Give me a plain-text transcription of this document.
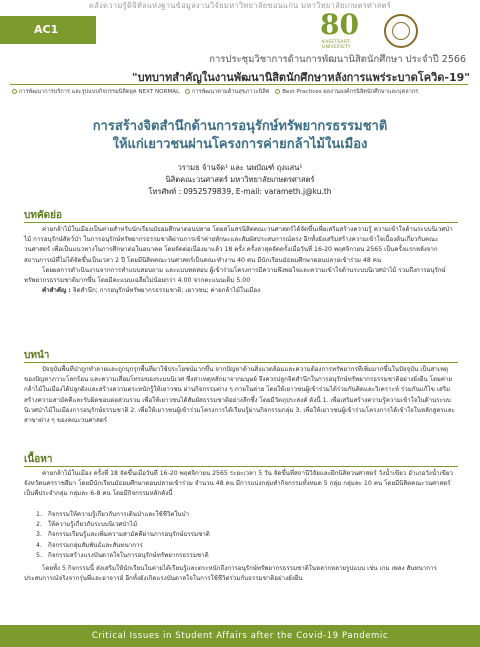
คลังความรู้ดิจิทัลแห่งฐานข้อมูลงานวิจัยมหาวิทยาลัยขอนแก่น มหาวิทยาลัยเกษตรศาสตร์
AC1	80
KASETSART UNIVERSITY
การประชุมวิชาการด้านการพัฒนานิสิตนักศึกษา ประจำปี 2566
"บทบาทสำคัญในงานพัฒนานิสิตนักศึกษาหลังการแพร่ระบาดโควิด-19"
การพัฒนาการบริการ และรูปแบบกิจกรรมนิสิตยุค NEXT NORMAL การพัฒนาตามด้านสุขภาวะนิสิต Best Practices ผลงานองค์กรนิสิตนักศึกษาและบุคลากร
การสร้างจิตสำนึกด้านการอนุรักษ์ทรัพยากรธรรมชาติ
ให้แก่เยาวชนผ่านโครงการค่ายกล้าไม้ในเมือง
วรามธ จ้านจัด¹ และ นพบัณฑ์ ถุงแสน¹
นิสิตคณะวนศาสตร์ มหาวิทยาลัยเกษตรศาสตร์
โทรศัพท์ : 0952579839, E-mail: varameth.j@ku.th
บทคัดย่อ

ค่ายกล้าไม้ในเมืองเป็นค่ายสำหรับนักเรียนมัธยมศึกษาตอนปลาย โดยสโมสรนิสิตคณะวนศาสตร์ได้จัดขึ้นเพื่อเสริมสร้างความรู้ ความเข้าใจด้านระบบนิเวศป่าไม้ การอนุรักษ์สัตว์ป่า ในการอนุรักษ์ทรัพยากรธรรมชาติผ่านการเข้าค่ายทักษะและสัมผัสประสบการณ์ตรง อีกทั้งยังเสริมสร้างความเข้าใจเบื้องต้นเกี่ยวกับคณะวนศาสตร์ เพื่อเป็นแนวทางในการศึกษาต่อในอนาคต โดยจัดต่อเนื่องมาแล้ว 18 ครั้ง ครั้งล่าสุดจัดครั้งเมื่อวันที่ 16-20 พฤศจิกายน 2565 เป็นครั้งแรกหลังจากสถานการณ์ที่ไม่ได้จัดขึ้นเป็นเวลา 2 ปี โดยมีนิสิตคณะวนศาสตร์เป็นคณะทำงาน 40 คน มีนักเรียนมัธยมศึกษาตอนปลายเข้าร่วม 48 คน

โดยผลการดำเนินงานจากการทำแบบสอบถาม และแบบทดสอบ ผู้เข้าร่วมโครงการมีความพึงพอใจและความเข้าใจด้านระบบนิเวศป่าไม้ รวมถึงการอนุรักษ์ทรัพยากรธรรมชาติมากขึ้น โดยมีคะแนนเฉลี่ยไม่น้อยกว่า 4.00 จากคะแนนเต็ม 5.00

คำสำคัญ : จิตสำนึก; การอนุรักษ์ทรัพยากรธรรมชาติ; เยาวชน; ค่ายกล้าไม้ในเมือง

บทนำ

ปัจจุบันพื้นที่ป่าถูกทำลายและถูกบุกรุกพื้นที่มาใช้ประโยชน์มากขึ้น จากปัญหาด้านสิ่งแวดล้อมและความต้องการทรัพยากรที่เพิ่มมากขึ้นในปัจจุบัน เป็นสาเหตุของปัญหาภาวะโลกร้อน และความเสื่อมโทรมของระบบนิเวศ ซึ่งสาเหตุหลักมาจากมนุษย์ จึงควรปลูกจิตสำนึกในการอนุรักษ์ทรัพยากรธรรมชาติอย่างยั่งยืน โดยค่ายกล้าไม้ในเมืองได้ปลูกฝังและสร้างความตระหนักรู้ให้เยาวชน ผ่านกิจกรรมต่าง ๆ ภายในค่าย โดยให้เยาวชนผู้เข้าร่วมได้ร่วมกันคิดและวิเคราะห์ ร่วมกันแก้ไข เสริมสร้างความสามัคคีและรับผิดชอบต่อส่วนรวม เพื่อให้เยาวชนได้สัมผัสธรรมชาติอย่างลึกซึ้ง โดยมีวัตถุประสงค์ ดังนี้ 1. เพื่อเสริมสร้างความรู้ความเข้าใจในด้านระบบนิเวศป่าไม้ในเมืองการอนุรักษ์ธรรมชาติ 2. เพื่อให้เยาวชนผู้เข้าร่วมโครงการได้เรียนรู้ผ่านกิจกรรมกลุ่ม 3. เพื่อให้เยาวชนผู้เข้าร่วมโครงการได้เข้าใจในหลักสูตรและสาขาต่าง ๆ ของคณะวนศาสตร์

เนื้อหา

ค่ายกล้าไม้ในเมือง ครั้งที่ 18 จัดขึ้นเมื่อวันที่ 16-20 พฤศจิกายน 2565 ระยะเวลา 5 วัน จัดขึ้นที่สถานีวิจัยและฝึกนิสิตวนศาสตร์ วังน้ำเขียว อำเภอวังน้ำเขียว จังหวัดนครราชสีมา โดยมีนักเรียนมัธยมศึกษาตอนปลายเข้าร่วม จำนวน 48 คน มีการแบ่งกลุ่มทำกิจกรรมทั้งหมด 5 กลุ่ม กลุ่มละ 10 คน โดยมีนิสิตคณะวนศาสตร์เป็นพี่ประจำกลุ่ม กลุ่มละ 6-8 คน โดยมีกิจกรรมหลักดังนี้

1. กิจกรรมให้ความรู้เกี่ยวกับการเดินป่าและใช้ชีวิตในป่า
2. ให้ความรู้เกี่ยวกับระบบนิเวศป่าไม้
3. กิจกรรมเรียนรู้และเพิ่มความสามัคคีผ่านการอนุรักษ์ธรรมชาติ
4. กิจกรรมกลุ่มสัมพันธ์และสันทนาการ
5. กิจกรรมสร้างแรงบันดาลใจในการอนุรักษ์ทรัพยากรธรรมชาติ

โดยทั้ง 5 กิจกรรมนี้ ส่งเสริมให้นักเรียนในค่ายได้เรียนรู้และตระหนักถึงการอนุรักษ์ทรัพยากรธรรมชาติในหลากหลายรูปแบบ เช่น เกม เพลง สันทนาการ ประสบการณ์จริงจากรุ่นพี่และอาจารย์ อีกทั้งยังเกิดแรงบันดาลใจในการใช้ชีวิตร่วมกับธรรมชาติอย่างยั่งยืน

Critical Issues in Student Affairs after the Covid-19 Pandemic
